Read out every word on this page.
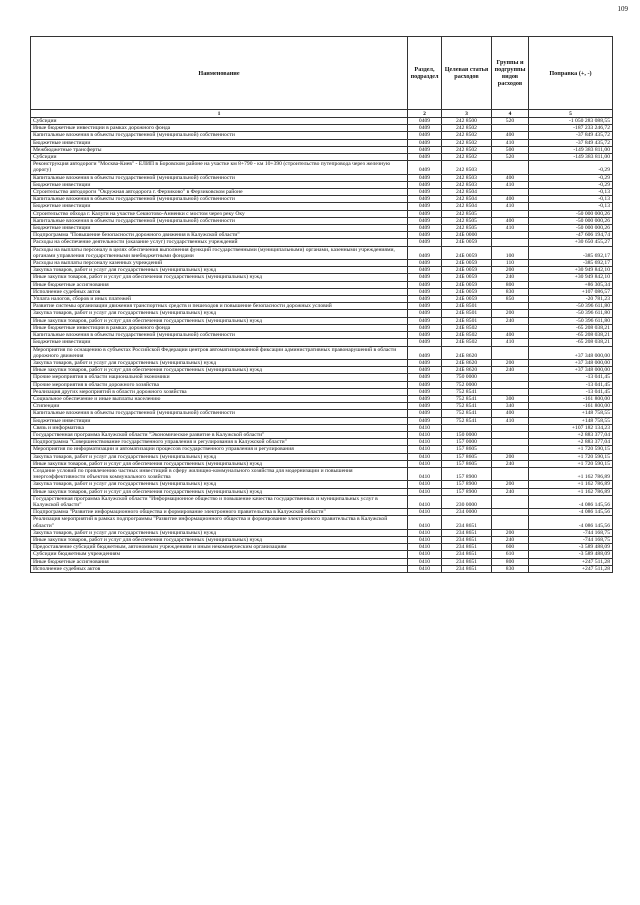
109
Наименование	Раздел, подраздел	Целевая статья расходов	Группы и подгруппы видов расходов	Поправка (+, -)
1	2	3	4	5
Субсидии	0409	242 8500	520	-1 050 283 088,55
Иные бюджетные инвестиции в рамках дорожного фонда	0409	242 8502		-187 233 246,72
Капитальные вложения в объекты государственной (муниципальной) собственности	0409	242 8502	400	-37 849 435,72
Бюджетные инвестиции	0409	242 8502	410	-37 849 435,72
Межбюджетные трансферты	0409	242 8502	500	-149 383 811,00
Субсидии	0409	242 8502	520	-149 383 811,00
Реконструкция автодороги "Москва-Киев" - ЕЛИП в Боровском районе на участке км 8+790 - км 10+390 (строительство путепровода через железную дорогу)	0409	242 8503		-0,29
Капитальные вложения в объекты государственной (муниципальной) собственности	0409	242 8503	400	-0,29
Бюджетные инвестиции	0409	242 8503	410	-0,29
Строительство автодороги "Окружная автодорога г. Ферзиково" в Ферзиковском районе	0409	242 8504		-0,13
Капитальные вложения в объекты государственной (муниципальной) собственности	0409	242 8504	400	-0,13
Бюджетные инвестиции	0409	242 8504	410	-0,13
Строительство обхода г. Калуги на участке Секиотово-Анненки с мостом через реку Оку	0409	242 8505		-50 000 000,26
Капитальные вложения в объекты государственной (муниципальной) собственности	0409	242 8505	400	-50 000 000,26
Бюджетные инвестиции	0409	242 8505	410	-50 000 000,26
Подпрограмма "Повышение безопасности дорожного движения в Калужской области"	0409	24Б 0000		-47 606 194,74
Расходы на обеспечение деятельности (оказание услуг) государственных учреждений	0409	24Б 0059		+30 650 455,27
Расходы на выплаты персоналу в целях обеспечения выполнения функций государственными (муниципальными) органами, казенными учреждениями, органами управления государственными внебюджетными фондами	0409	24Б 0059	100	-385 692,17
Расходы на выплаты персоналу казенных учреждений	0409	24Б 0059	110	-385 692,17
Закупка товаров, работ и услуг для государственных (муниципальных) нужд	0409	24Б 0059	200	+30 949 842,10
Иные закупки товаров, работ и услуг для обеспечения государственных (муниципальных) нужд	0409	24Б 0059	240	+30 949 842,10
Иные бюджетные ассигнования	0409	24Б 0059	800	+86 305,34
Исполнение судебных актов	0409	24Б 0059	830	+107 086,57
Уплата налогов, сборов и иных платежей	0409	24Б 0059	850	-20 781,23
Развитие системы организации движения транспортных средств и пешеходов и повышение безопасности дорожных условий	0409	24Б 8501		-50 396 611,80
Закупка товаров, работ и услуг для государственных (муниципальных) нужд	0409	24Б 8501	200	-50 396 611,80
Иные закупки товаров, работ и услуг для обеспечения государственных (муниципальных) нужд	0409	24Б 8501	240	-50 396 611,80
Иные бюджетные инвестиции в рамках дорожного фонда	0409	24Б 8502		-65 208 038,21
Капитальные вложения в объекты государственной (муниципальной) собственности	0409	24Б 8502	400	-65 208 038,21
Бюджетные инвестиции	0409	24Б 8502	410	-65 208 038,21
Мероприятия по оснащению в субъектах Российской Федерации центров автоматизированной фиксации административных правонарушений в области дорожного движения	0409	24Б 8620		+37 348 000,00
Закупка товаров, работ и услуг для государственных (муниципальных) нужд	0409	24Б 8620	200	+37 348 000,00
Иные закупки товаров, работ и услуг для обеспечения государственных (муниципальных) нужд	0409	24Б 8620	240	+37 348 000,00
Прочие мероприятия в области национальной экономики	0409	750 0000		-13 041,45
Прочие мероприятия в области дорожного хозяйства	0409	752 0000		-13 041,45
Реализация других мероприятий в области дорожного хозяйства	0409	752 8541		-13 041,45
Социальное обеспечение и иные выплаты населению	0409	752 8541	300	-161 800,00
Стипендии	0409	752 8541	340	-161 800,00
Капитальные вложения в объекты государственной (муниципальной) собственности	0409	752 8541	400	+148 758,55
Бюджетные инвестиции	0409	752 8541	410	+148 758,55
Связь и информатика	0410			+107 182 134,23
Государственная программа Калужской области "Экономическое развитие в Калужской области"	0410	150 0000		+2 883 377,04
Подпрограмма "Совершенствование государственного управления и регулирования в Калужской области"	0410	157 0000		+2 883 377,04
Мероприятия по информатизации и автоматизации процессов государственного управления и регулирования	0410	157 8605		+1 720 590,15
Закупка товаров, работ и услуг для государственных (муниципальных) нужд	0410	157 8605	200	+1 720 590,15
Иные закупки товаров, работ и услуг для обеспечения государственных (муниципальных) нужд	0410	157 8605	240	+1 720 590,15
Создание условий по привлечению частных инвестиций в сферу жилищно-коммунального хозяйства для модернизации и повышения энергоэффективности объектов коммунального хозяйства	0410	157 8900		+1 162 786,89
Закупка товаров, работ и услуг для государственных (муниципальных) нужд	0410	157 8900	200	+1 162 786,89
Иные закупки товаров, работ и услуг для обеспечения государственных (муниципальных) нужд	0410	157 8900	240	+1 162 786,89
Государственная программа Калужской области "Информационное общество и повышение качества государственных и муниципальных услуг в Калужской области"	0410	230 0000		-4 086 145,56
Подпрограмма "Развитие информационного общества и формирование электронного правительства в Калужской области"	0410	234 0000		-4 086 145,56
Реализация мероприятий в рамках подпрограммы "Развитие информационного общества и формирование электронного правительства в Калужской области"	0410	234 8651		-4 086 145,56
Закупка товаров, работ и услуг для государственных (муниципальных) нужд	0410	234 8651	200	-744 168,75
Иные закупки товаров, работ и услуг для обеспечения государственных (муниципальных) нужд	0410	234 8651	240	-744 168,75
Предоставление субсидий бюджетным, автономным учреждениям и иным некоммерческим организациям	0410	234 8651	600	-3 589 488,09
Субсидии бюджетным учреждениям	0410	234 8651	610	-3 589 488,09
Иные бюджетные ассигнования	0410	234 8651	800	+247 511,28
Исполнение судебных актов	0410	234 8651	830	+247 511,28
